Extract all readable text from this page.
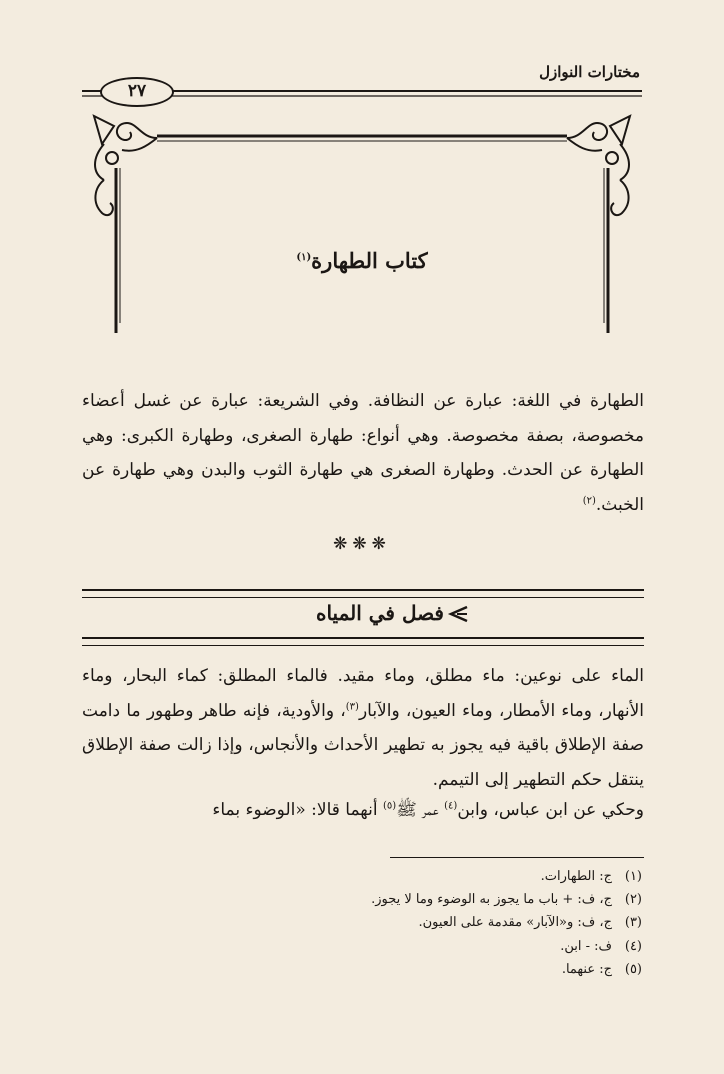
مختارات النوازل
٢٧
كتاب الطهارة$^{(١)}$
الطهارة في اللغة: عبارة عن النظافة. وفي الشريعة: عبارة عن غسل أعضاء مخصوصة، بصفة مخصوصة. وهي أنواع: طهارة الصغرى، وطهارة الكبرى: وهي الطهارة عن الحدث. وطهارة الصغرى هي طهارة الثوب والبدن وهي طهارة عن الخبث.$^{(٢)}$
❋❋❋
فصل في المياه
الماء على نوعين: ماء مطلق، وماء مقيد. فالماء المطلق: كماء البحار، وماء الأنهار، وماء الأمطار، وماء العيون، والآبار$^{(٣)}$، والأودية، فإنه طاهر وطهور ما دامت صفة الإطلاق باقية فيه يجوز به تطهير الأحداث والأنجاس، وإذا زالت صفة الإطلاق ينتقل حكم التطهير إلى التيمم.
وحكي عن ابن عباس، وابن$^{(٤)}$ عمر ﷺ$^{(٥)}$ أنهما قالا: «الوضوء بماء
(١)ج: الطهارات.
(٢)ج، ف: + باب ما يجوز به الوضوء وما لا يجوز.
(٣)ج، ف: و«الآبار» مقدمة على العيون.
(٤)ف: - ابن.
(٥)ج: عنهما.
